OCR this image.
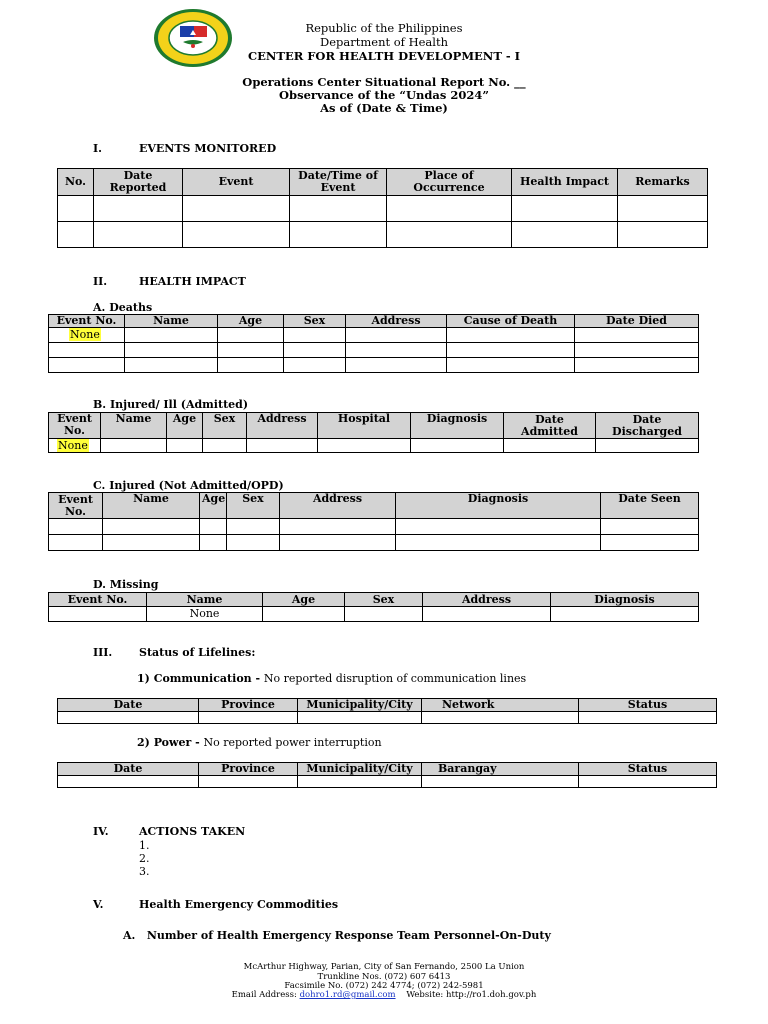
Republic of the Philippines
Department of Health
CENTER FOR HEALTH DEVELOPMENT - I
Operations Center Situational Report No. __
Observance of the “Undas 2024”
As of (Date & Time)
I.	EVENTS MONITORED
No.	Date Reported	Event	Date/Time of Event	Place of Occurrence	Health Impact	Remarks

II.	HEALTH IMPACT
A. Deaths
Event No.	Name	Age	Sex	Address	Cause of Death	Date Died
None						

B. Injured/ Ill (Admitted)
Event No.	Name	Age	Sex	Address	Hospital	Diagnosis	Date Admitted	Date Discharged
None								
C. Injured (Not Admitted/OPD)
Event No.	Name	Age	Sex	Address	Diagnosis	Date Seen

D. Missing
Event No.	Name	Age	Sex	Address	Diagnosis
	None				
III. Status of Lifelines:
1) Communication - No reported disruption of communication lines
Date	Province	Municipality/City	Network	Status

2) Power - No reported power interruption
Date	Province	Municipality/City	Barangay	Status

IV.	ACTIONS TAKEN
1.
2.
3.
V.	Health Emergency Commodities
A.   Number of Health Emergency Response Team Personnel-On-Duty
McArthur Highway, Parian, City of San Fernando, 2500 La Union
Trunkline Nos. (072) 607 6413
Facsimile No. (072) 242 4774; (072) 242-5981
Email Address: dohro1.rd@gmail.com Website: http://ro1.doh.gov.ph
